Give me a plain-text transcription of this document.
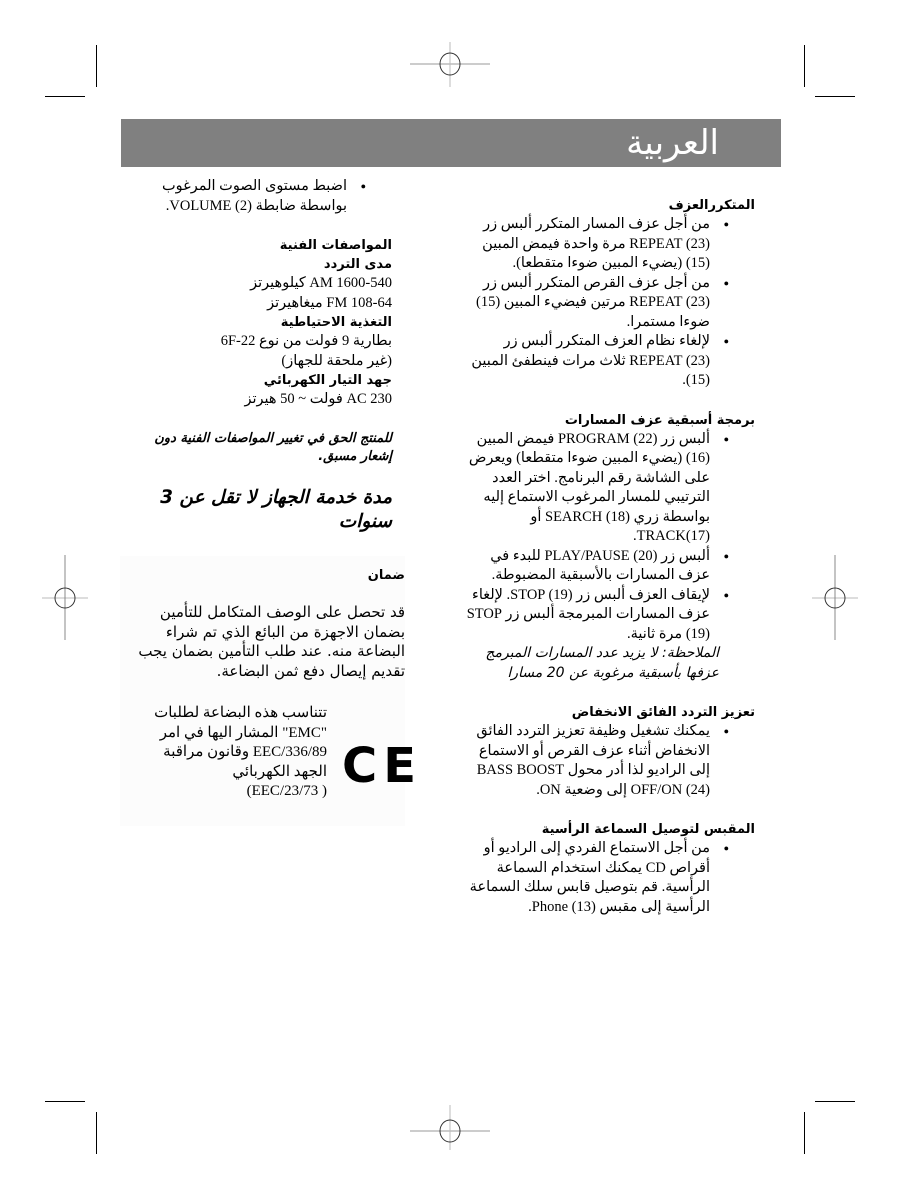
العربية
المتكررالعزف
● من أجل عزف المسار المتكرر ألبس زر REPEAT (23) مرة واحدة فيمض المبين (15) (يضيء المبين ضوءا متقطعا).
● من أجل عزف القرص المتكرر ألبس زر REPEAT (23) مرتين فيضيء المبين (15) ضوءا مستمرا.
● لإلغاء نظام العزف المتكرر ألبس زر REPEAT (23) ثلاث مرات فينطفئ المبين (15).
برمجة أسبقية عزف المسارات
● ألبس زر PROGRAM (22) فيمض المبين (16) (يضيء المبين ضوءا متقطعا) ويعرض على الشاشة رقم البرنامج. اختر العدد الترتيبي للمسار المرغوب الاستماع إليه بواسطة زري SEARCH (18) أو (17)TRACK.
● ألبس زر PLAY/PAUSE (20) للبدء في عزف المسارات بالأسبقية المضبوطة.
● لإيقاف العزف ألبس زر STOP (19). لإلغاء عزف المسارات المبرمجة ألبس زر STOP (19) مرة ثانية.
الملاحظة: لا يزيد عدد المسارات المبرمج عزفها بأسبقية مرغوبة عن 20 مسارا
تعزيز التردد الفائق الانخفاض
● يمكنك تشغيل وظيفة تعزيز التردد الفائق الانخفاض أثناء عزف القرص أو الاستماع إلى الراديو لذا أدر محول BASS BOOST OFF/ON (24) إلى وضعية ON.
المقبس لتوصيل السماعة الرأسية
● من أجل الاستماع الفردي إلى الراديو أو أقراص CD يمكنك استخدام السماعة الرأسية. قم بتوصيل قابس سلك السماعة الرأسية إلى مقبس Phone (13).
● اضبط مستوى الصوت المرغوب بواسطة ضابطة VOLUME (2).
المواصفات الفنية
مدى التردد
1600-540 AM كيلوهيرتز
108-64 FM ميغاهيرتز
التغذية الاحتياطية
بطارية 9 فولت من نوع 6F-22
(غير ملحقة للجهاز)
جهد التيار الكهربائي
230 AC فولت ~ 50 هيرتز
للمنتج الحق في تغيير المواصفات الفنية دون إشعار مسبق.
مدة خدمة الجهاز لا تقل عن 3 سنوات
ضمان
قد تحصل على الوصف المتكامل للتأمين بضمان الاجهزة من البائع الذي تم شراء البضاعة منه. عند طلب التأمين بضمان يجب تقديم إيصال دفع ثمن البضاعة.
تتناسب هذه البضاعة لطلبات
"EMC" المشار اليها في امر
EEC/336/89 وقانون مراقبة
الجهد الكهربائي
( EEC/23/73) CE
